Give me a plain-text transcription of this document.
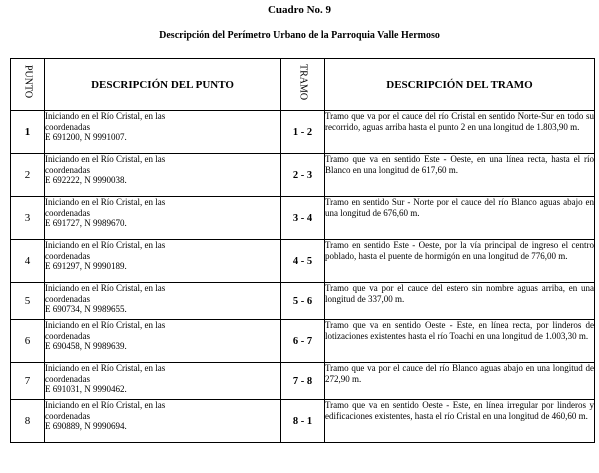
Cuadro No. 9
Descripción del Perímetro Urbano de la Parroquia Valle Hermoso
PUNTO	DESCRIPCIÓN DEL PUNTO	TRAMO	DESCRIPCIÓN DEL TRAMO
1	Iniciando en el Río Cristal, en las
coordenadas
E 691200, N 9991007.	1 - 2	Tramo que va por el cauce del río Cristal en sentido Norte-Sur en todo su recorrido, aguas arriba hasta el punto 2 en una longitud de 1.803,90 m.
2	Iniciando en el Río Cristal, en las
coordenadas
E 692222, N 9990038.	2 - 3	Tramo que va en sentido Este - Oeste, en una línea recta, hasta el río Blanco en una longitud de 617,60 m.
3	Iniciando en el Río Cristal, en las
coordenadas
E 691727, N 9989670.	3 - 4	Tramo en sentido Sur - Norte por el cauce del río Blanco aguas abajo en una longitud de 676,60 m.
4	Iniciando en el Río Cristal, en las
coordenadas
E 691297, N 9990189.	4 - 5	Tramo en sentido Este - Oeste, por la vía principal de ingreso el centro poblado, hasta el puente de hormigón en una longitud de 776,00 m.
5	Iniciando en el Río Cristal, en las
coordenadas
E 690734, N 9989655.	5 - 6	Tramo que va por el cauce del estero sin nombre aguas arriba, en una longitud de 337,00 m.
6	Iniciando en el Río Cristal, en las
coordenadas
E 690458, N 9989639.	6 - 7	Tramo que va en sentido Oeste - Este, en línea recta, por linderos de lotizaciones existentes hasta el río Toachi en una longitud de 1.003,30 m.
7	Iniciando en el Río Cristal, en las
coordenadas
E 691031, N 9990462.	7 - 8	Tramo que va por el cauce del río Blanco aguas abajo en una longitud de 272,90 m.
8	Iniciando en el Río Cristal, en las
coordenadas
E 690889, N 9990694.	8 - 1	Tramo que va en sentido Oeste - Este, en línea irregular por linderos y edificaciones existentes, hasta el río Cristal en una longitud de 460,60 m.
